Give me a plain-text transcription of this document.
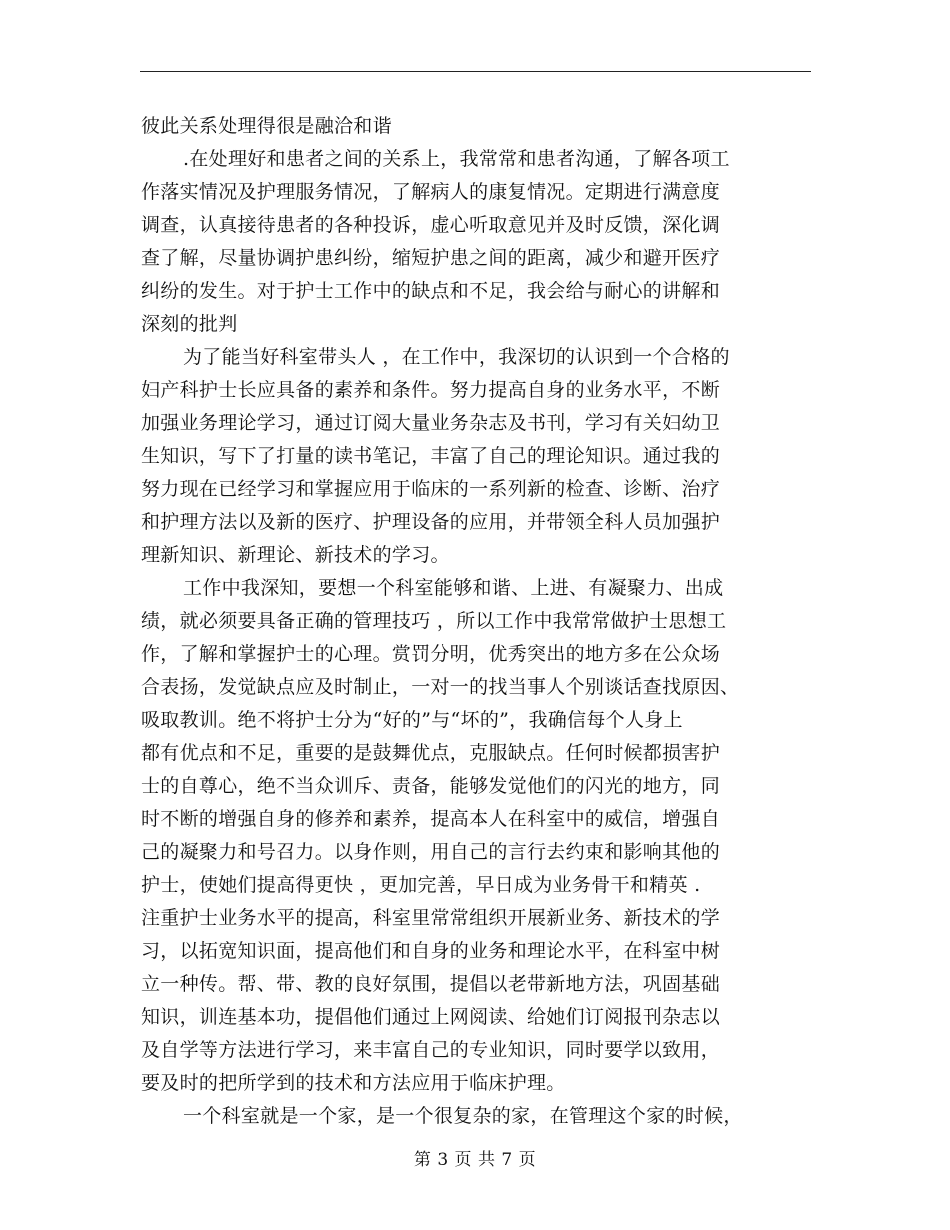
彼此关系处理得很是融洽和谐
.在处理好和患者之间的关系上，我常常和患者沟通，了解各项工
作落实情况及护理服务情况，了解病人的康复情况。定期进行满意度
调查，认真接待患者的各种投诉，虚心听取意见并及时反馈，深化调
查了解，尽量协调护患纠纷，缩短护患之间的距离，减少和避开医疗
纠纷的发生。对于护士工作中的缺点和不足，我会给与耐心的讲解和
深刻的批判
为了能当好科室带头人 ，在工作中，我深切的认识到一个合格的
妇产科护士长应具备的素养和条件。努力提高自身的业务水平，不断
加强业务理论学习，通过订阅大量业务杂志及书刊，学习有关妇幼卫
生知识，写下了打量的读书笔记，丰富了自己的理论知识。通过我的
努力现在已经学习和掌握应用于临床的一系列新的检查、诊断、治疗
和护理方法以及新的医疗、护理设备的应用，并带领全科人员加强护
理新知识、新理论、新技术的学习。
工作中我深知，要想一个科室能够和谐、上进、有凝聚力、出成
绩，就必须要具备正确的管理技巧 ，所以工作中我常常做护士思想工
作，了解和掌握护士的心理。赏罚分明，优秀突出的地方多在公众场
合表扬，发觉缺点应及时制止，一对一的找当事人个别谈话查找原因、
吸取教训。绝不将护士分为“好的”与“坏的”，我确信每个人身上
都有优点和不足，重要的是鼓舞优点，克服缺点。任何时候都损害护
士的自尊心，绝不当众训斥、责备，能够发觉他们的闪光的地方，同
时不断的增强自身的修养和素养，提高本人在科室中的威信，增强自
己的凝聚力和号召力。以身作则，用自己的言行去约束和影响其他的
护士，使她们提高得更快 ，更加完善，早日成为业务骨干和精英 .
注重护士业务水平的提高，科室里常常组织开展新业务、新技术的学
习，以拓宽知识面，提高他们和自身的业务和理论水平，在科室中树
立一种传。帮、带、教的良好氛围，提倡以老带新地方法，巩固基础
知识，训连基本功，提倡他们通过上网阅读、给她们订阅报刊杂志以
及自学等方法进行学习，来丰富自己的专业知识，同时要学以致用，
要及时的把所学到的技术和方法应用于临床护理。
一个科室就是一个家，是一个很复杂的家，在管理这个家的时候，
第 3 页 共 7 页
